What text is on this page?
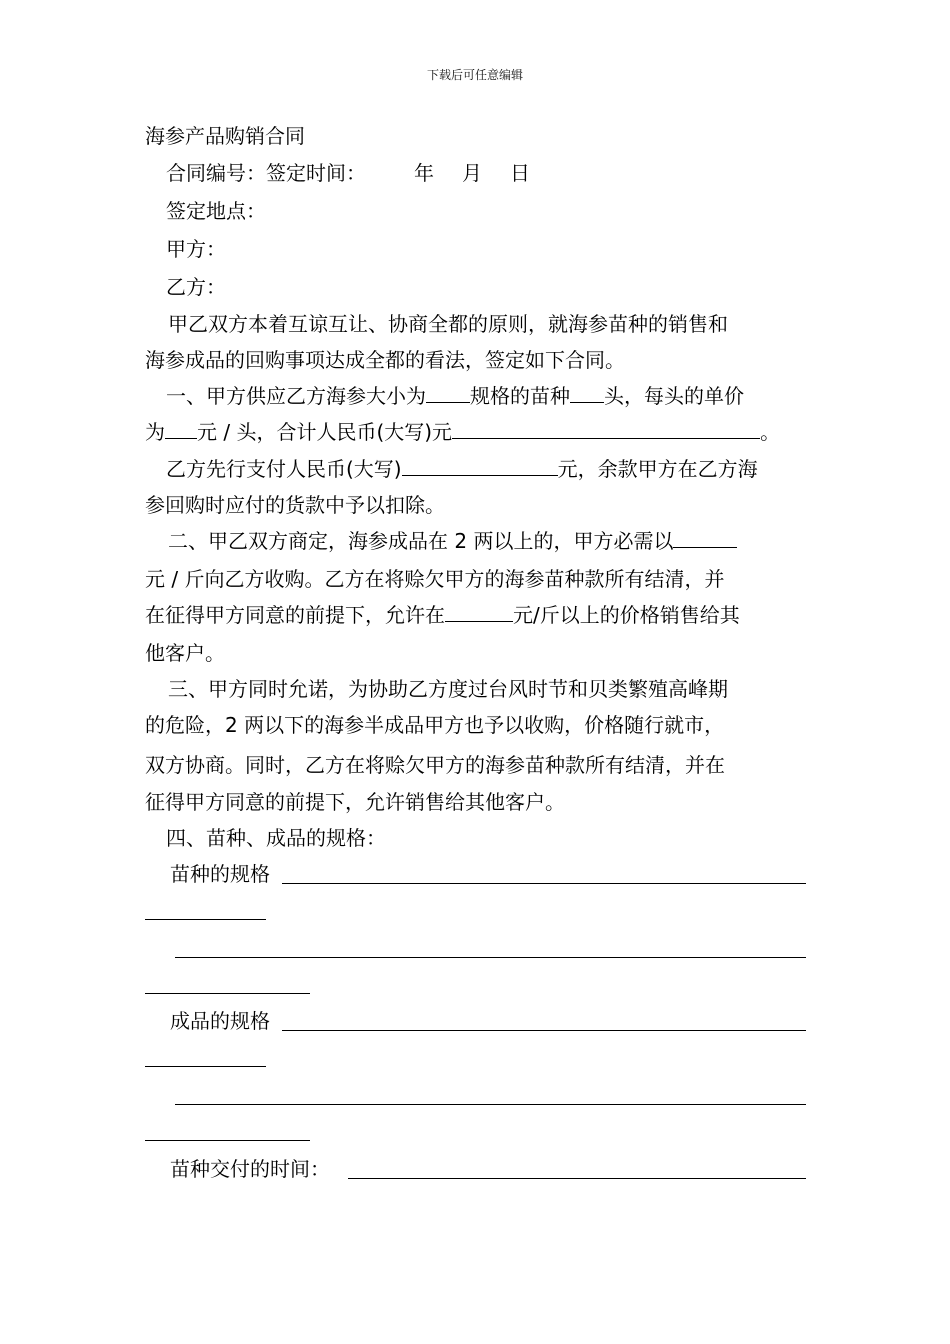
下载后可任意编辑
海参产品购销合同
合同编号：签定时间： 年 月 日
签定地点：
甲方：
乙方：
甲乙双方本着互谅互让、协商全都的原则，就海参苗种的销售和
海参成品的回购事项达成全都的看法，签定如下合同。
一、甲方供应乙方海参大小为 规格的苗种 头，每头的单价
为 元 / 头，合计人民币(大写)元	。
乙方先行支付人民币(大写)	元，余款甲方在乙方海
参回购时应付的货款中予以扣除。
二、甲乙双方商定，海参成品在 2 两以上的，甲方必需以
元 / 斤向乙方收购。乙方在将赊欠甲方的海参苗种款所有结清，并
在征得甲方同意的前提下，允许在	元/斤以上的价格销售给其
他客户。
三、甲方同时允诺，为协助乙方度过台风时节和贝类繁殖高峰期
的危险，2 两以下的海参半成品甲方也予以收购，价格随行就市，
双方协商。同时，乙方在将赊欠甲方的海参苗种款所有结清，并在
征得甲方同意的前提下，允许销售给其他客户。
四、苗种、成品的规格：
苗种的规格
成品的规格
苗种交付的时间：
